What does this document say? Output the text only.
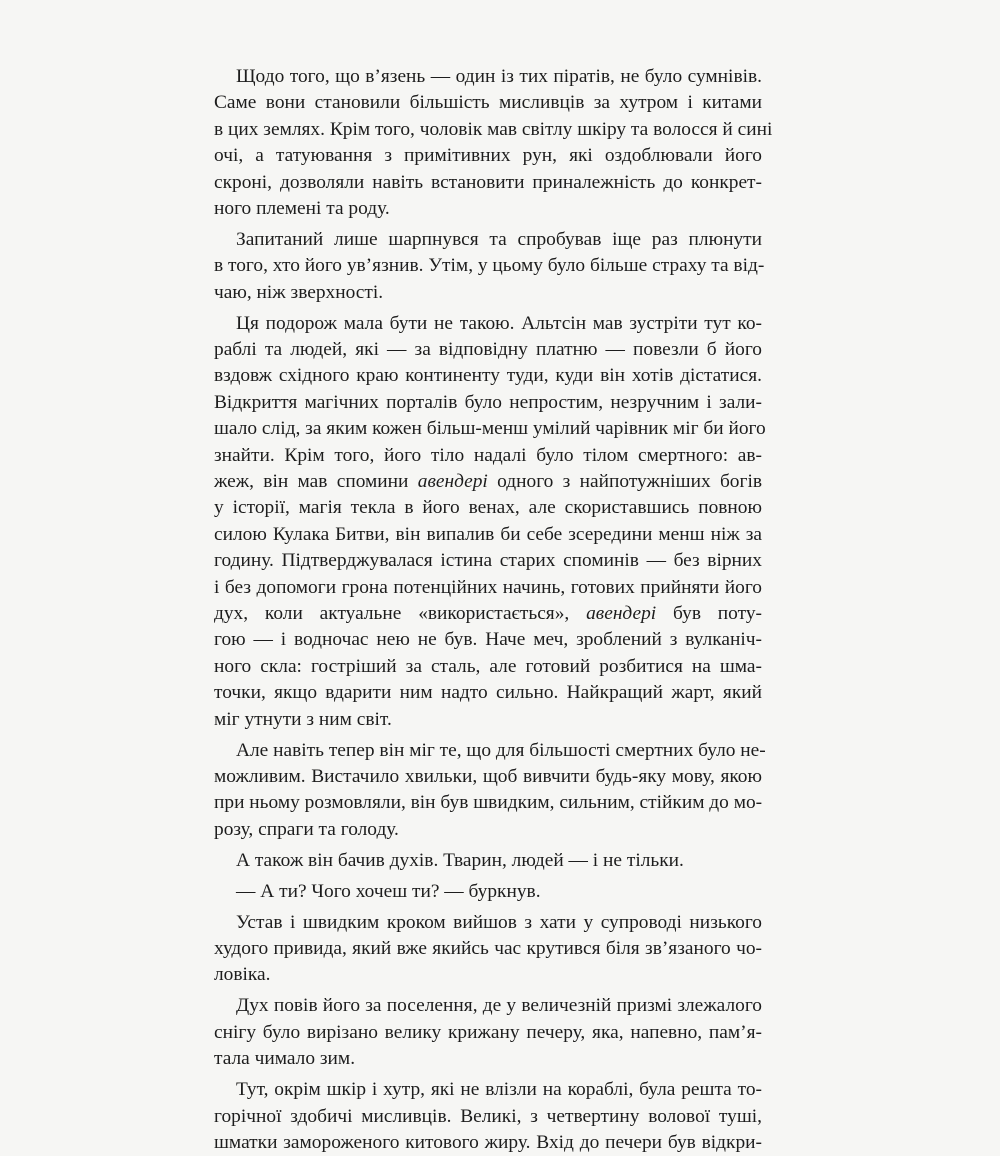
Щодо того, що в’язень — один із тих піратів, не було сумнівів.
Саме вони становили більшість мисливців за хутром і китами
в цих землях. Крім того, чоловік мав світлу шкіру та волосся й сині
очі, а татуювання з примітивних рун, які оздоблювали його
скроні, дозволяли навіть встановити приналежність до конкрет-
ного племені та роду.
Запитаний лише шарпнувся та спробував іще раз плюнути
в того, хто його ув’язнив. Утім, у цьому було більше страху та від-
чаю, ніж зверхності.
Ця подорож мала бути не такою. Альтсін мав зустріти тут ко-
раблі та людей, які — за відповідну платню — повезли б його
вздовж східного краю континенту туди, куди він хотів дістатися.
Відкриття магічних порталів було непростим, незручним і зали-
шало слід, за яким кожен більш-менш умілий чарівник міг би його
знайти. Крім того, його тіло надалі було тілом смертного: ав-
жеж, він мав спомини авендері одного з найпотужніших богів
у історії, магія текла в його венах, але скориставшись повною
силою Кулака Битви, він випалив би себе зсередини менш ніж за
годину. Підтверджувалася істина старих споминів — без вірних
і без допомоги грона потенційних начинь, готових прийняти його
дух, коли актуальне «використається», авендері був поту-
гою — і водночас нею не був. Наче меч, зроблений з вулканіч-
ного скла: гостріший за сталь, але готовий розбитися на шма-
точки, якщо вдарити ним надто сильно. Найкращий жарт, який
міг утнути з ним світ.
Але навіть тепер він міг те, що для більшості смертних було не-
можливим. Вистачило хвильки, щоб вивчити будь-яку мову, якою
при ньому розмовляли, він був швидким, сильним, стійким до мо-
розу, спраги та голоду.
А також він бачив духів. Тварин, людей — і не тільки.
— А ти? Чого хочеш ти? — буркнув.
Устав і швидким кроком вийшов з хати у супроводі низького
худого привида, який вже якийсь час крутився біля зв’язаного чо-
ловіка.
Дух повів його за поселення, де у величезній призмі злежалого
снігу було вирізано велику крижану печеру, яка, напевно, пам’я-
тала чимало зим.
Тут, окрім шкір і хутр, які не влізли на кораблі, була решта то-
горічної здобичі мисливців. Великі, з четвертину волової туші,
шматки замороженого китового жиру. Вхід до печери був відкри-
